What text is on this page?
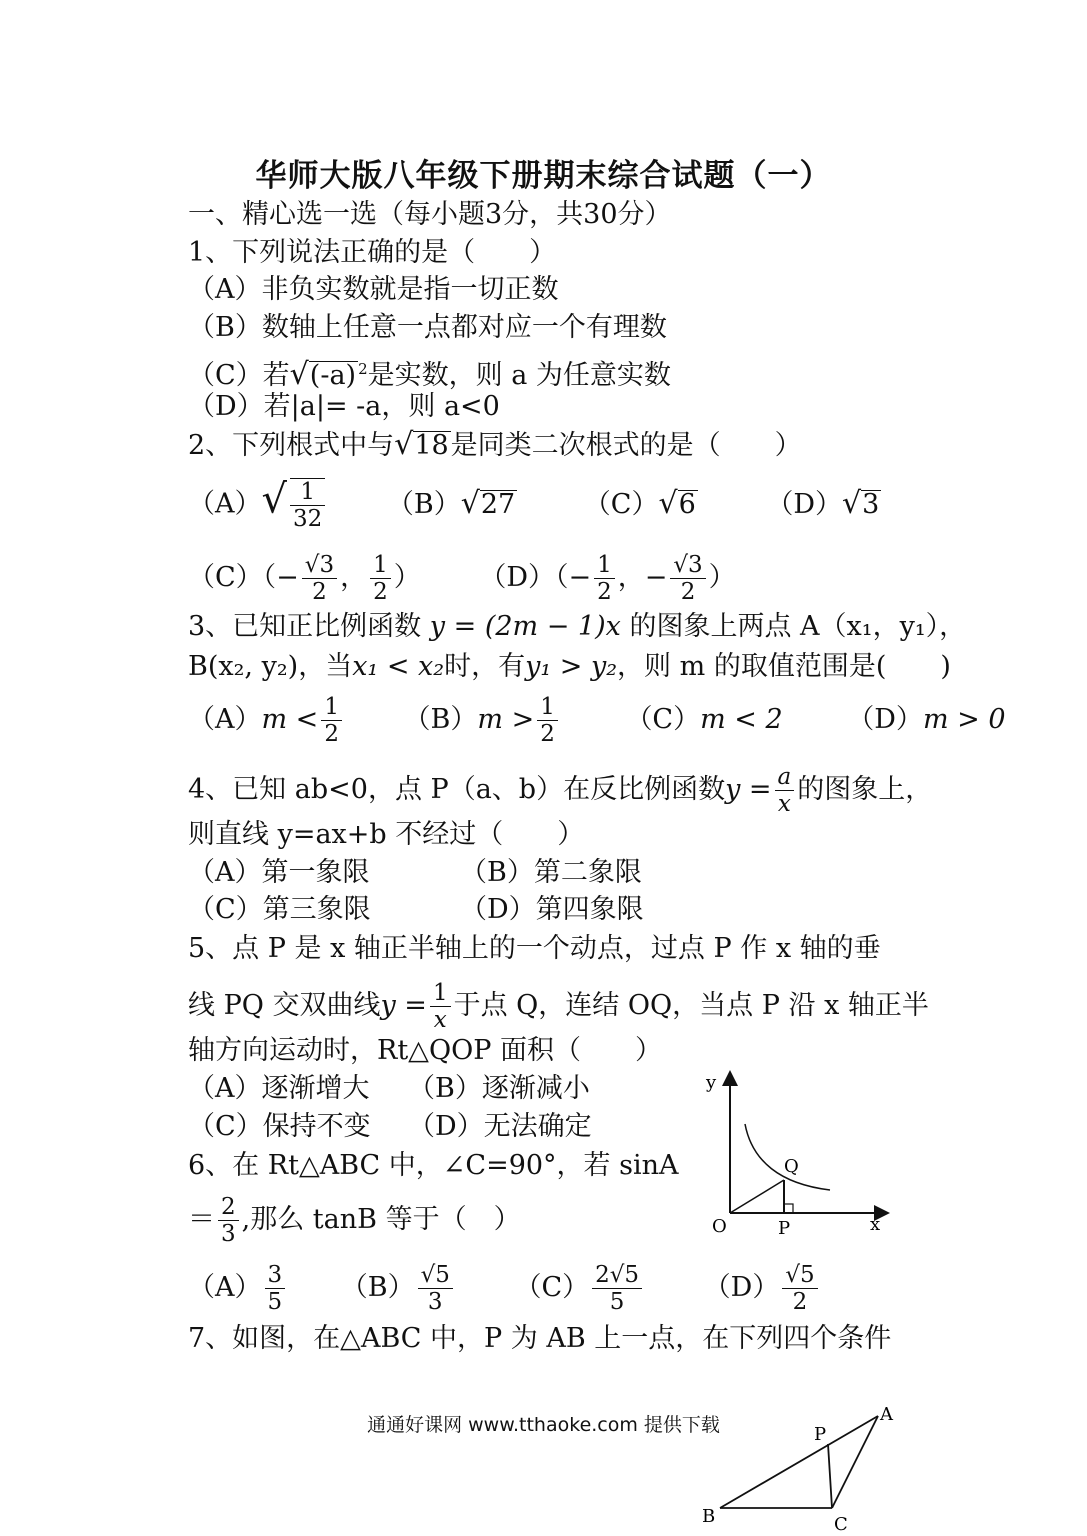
华师大版八年级下册期末综合试题（一）
一、精心选一选（每小题3分，共30分）
1、下列说法正确的是（　　）
（A）非负实数就是指一切正数
（B）数轴上任意一点都对应一个有理数
（C）若√(-a) $^2$是实数，则 a 为任意实数
（D）若|a|= -a，则 a<0
2、下列根式中与√18是同类二次根式的是（　　）
$(A)√ \frac{1}{32} (B)√27$	（C）√6	（D）√3
$(C)(- \frac{√3}{2}$ ， $\frac{1}{2}$ ） $(D)(- \frac{1}{2}$ ，− $\frac{√3}{2}$ ）
3、已知正比例函数 y = (2m − 1)x 的图象上两点 A（x₁，y₁），
B(x₂, y₂)，当x₁ < x₂时，有y₁ > y₂，则 m 的取值范围是(　　)
$(A)m < \frac{1}{2} (B)m > \frac{1}{2}$	（C）m < 2 （D）m > 0
4、已知 ab<0，点 P（a、b）在反比例函数$y = \frac{a}{x}$ 的图象上，
则直线 y=ax+b 不经过（　　）
（A）第一象限	（B）第二象限
（C）第三象限	（D）第四象限
5、点 P 是 x 轴正半轴上的一个动点，过点 P 作 x 轴的垂
线 PQ 交双曲线$y = \frac{1}{x}$ 于点 Q，连结 OQ，当点 P 沿 x 轴正半
轴方向运动时，Rt△QOP 面积（　　）
（A）逐渐增大 （B）逐渐减小
（C）保持不变 （D）无法确定
6、在 Rt△ABC 中，∠C=90°，若 sinA
＝ $\frac{2}{3}$ ,那么 tanB 等于（　）
$(A) \frac{3}{5} (B) \frac{√5}{3} (C) \frac{2√5}{5} (D) \frac{√5}{2}$
7、如图，在△ABC 中，P 为 AB 上一点，在下列四个条件
y
Q
O	P	x
A
P
B	C
通通好课网 www.tthaoke.com 提供下载
